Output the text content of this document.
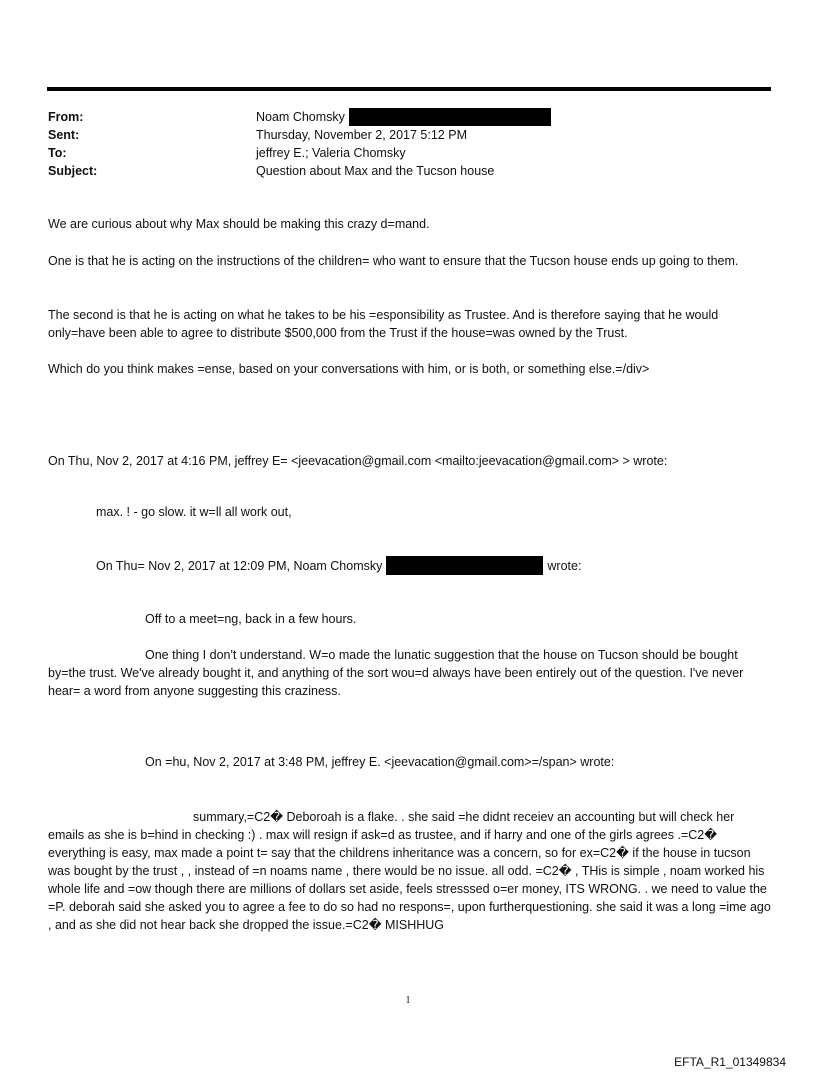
From:	Noam Chomsky
Sent:	Thursday, November 2, 2017 5:12 PM
To:	jeffrey E.; Valeria Chomsky
Subject:	Question about Max and the Tucson house
We are curious about why Max should be making this crazy d=mand.
One is that he is acting on the instructions of the children= who want to ensure that the Tucson house ends up going to them.
The second is that he is acting on what he takes to be his =esponsibility as Trustee. And is therefore saying that he would only=have been able to agree to distribute $500,000 from the Trust if the house=was owned by the Trust.
Which do you think makes =ense, based on your conversations with him, or is both, or something else.=/div>
On Thu, Nov 2, 2017 at 4:16 PM, jeffrey E= <jeevacation@gmail.com <mailto:jeevacation@gmail.com> > wrote:
max. ! - go slow. it w=ll all work out,
On Thu= Nov 2, 2017 at 12:09 PM, Noam Chomsky	wrote:
Off to a meet=ng, back in a few hours.
One thing I don't understand. W=o made the lunatic suggestion that the house on Tucson should be bought by=the trust. We've already bought it, and anything of the sort wou=d always have been entirely out of the question. I've never hear= a word from anyone suggesting this craziness.
On =hu, Nov 2, 2017 at 3:48 PM, jeffrey E. <jeevacation@gmail.com>=/span> wrote:
summary,=C2� Deboroah is a flake. . she said =he didnt receiev an accounting but will check her emails as she is b=hind in checking :) . max will resign if ask=d as trustee, and if harry and one of the girls agrees .=C2� everything is easy, max made a point t= say that the childrens inheritance was a concern, so for ex=C2� if the house in tucson was bought by the trust , , instead of =n noams name , there would be no issue. all odd. =C2� , THis is simple , noam worked his whole life and =ow though there are millions of dollars set aside, feels stresssed o=er money, ITS WRONG. . we need to value the =P. deborah said she asked you to agree a fee to do so had no respons=, upon furtherquestioning. she said it was a long =ime ago , and as she did not hear back she dropped the issue.=C2� MISHHUG
1
EFTA_R1_01349834
